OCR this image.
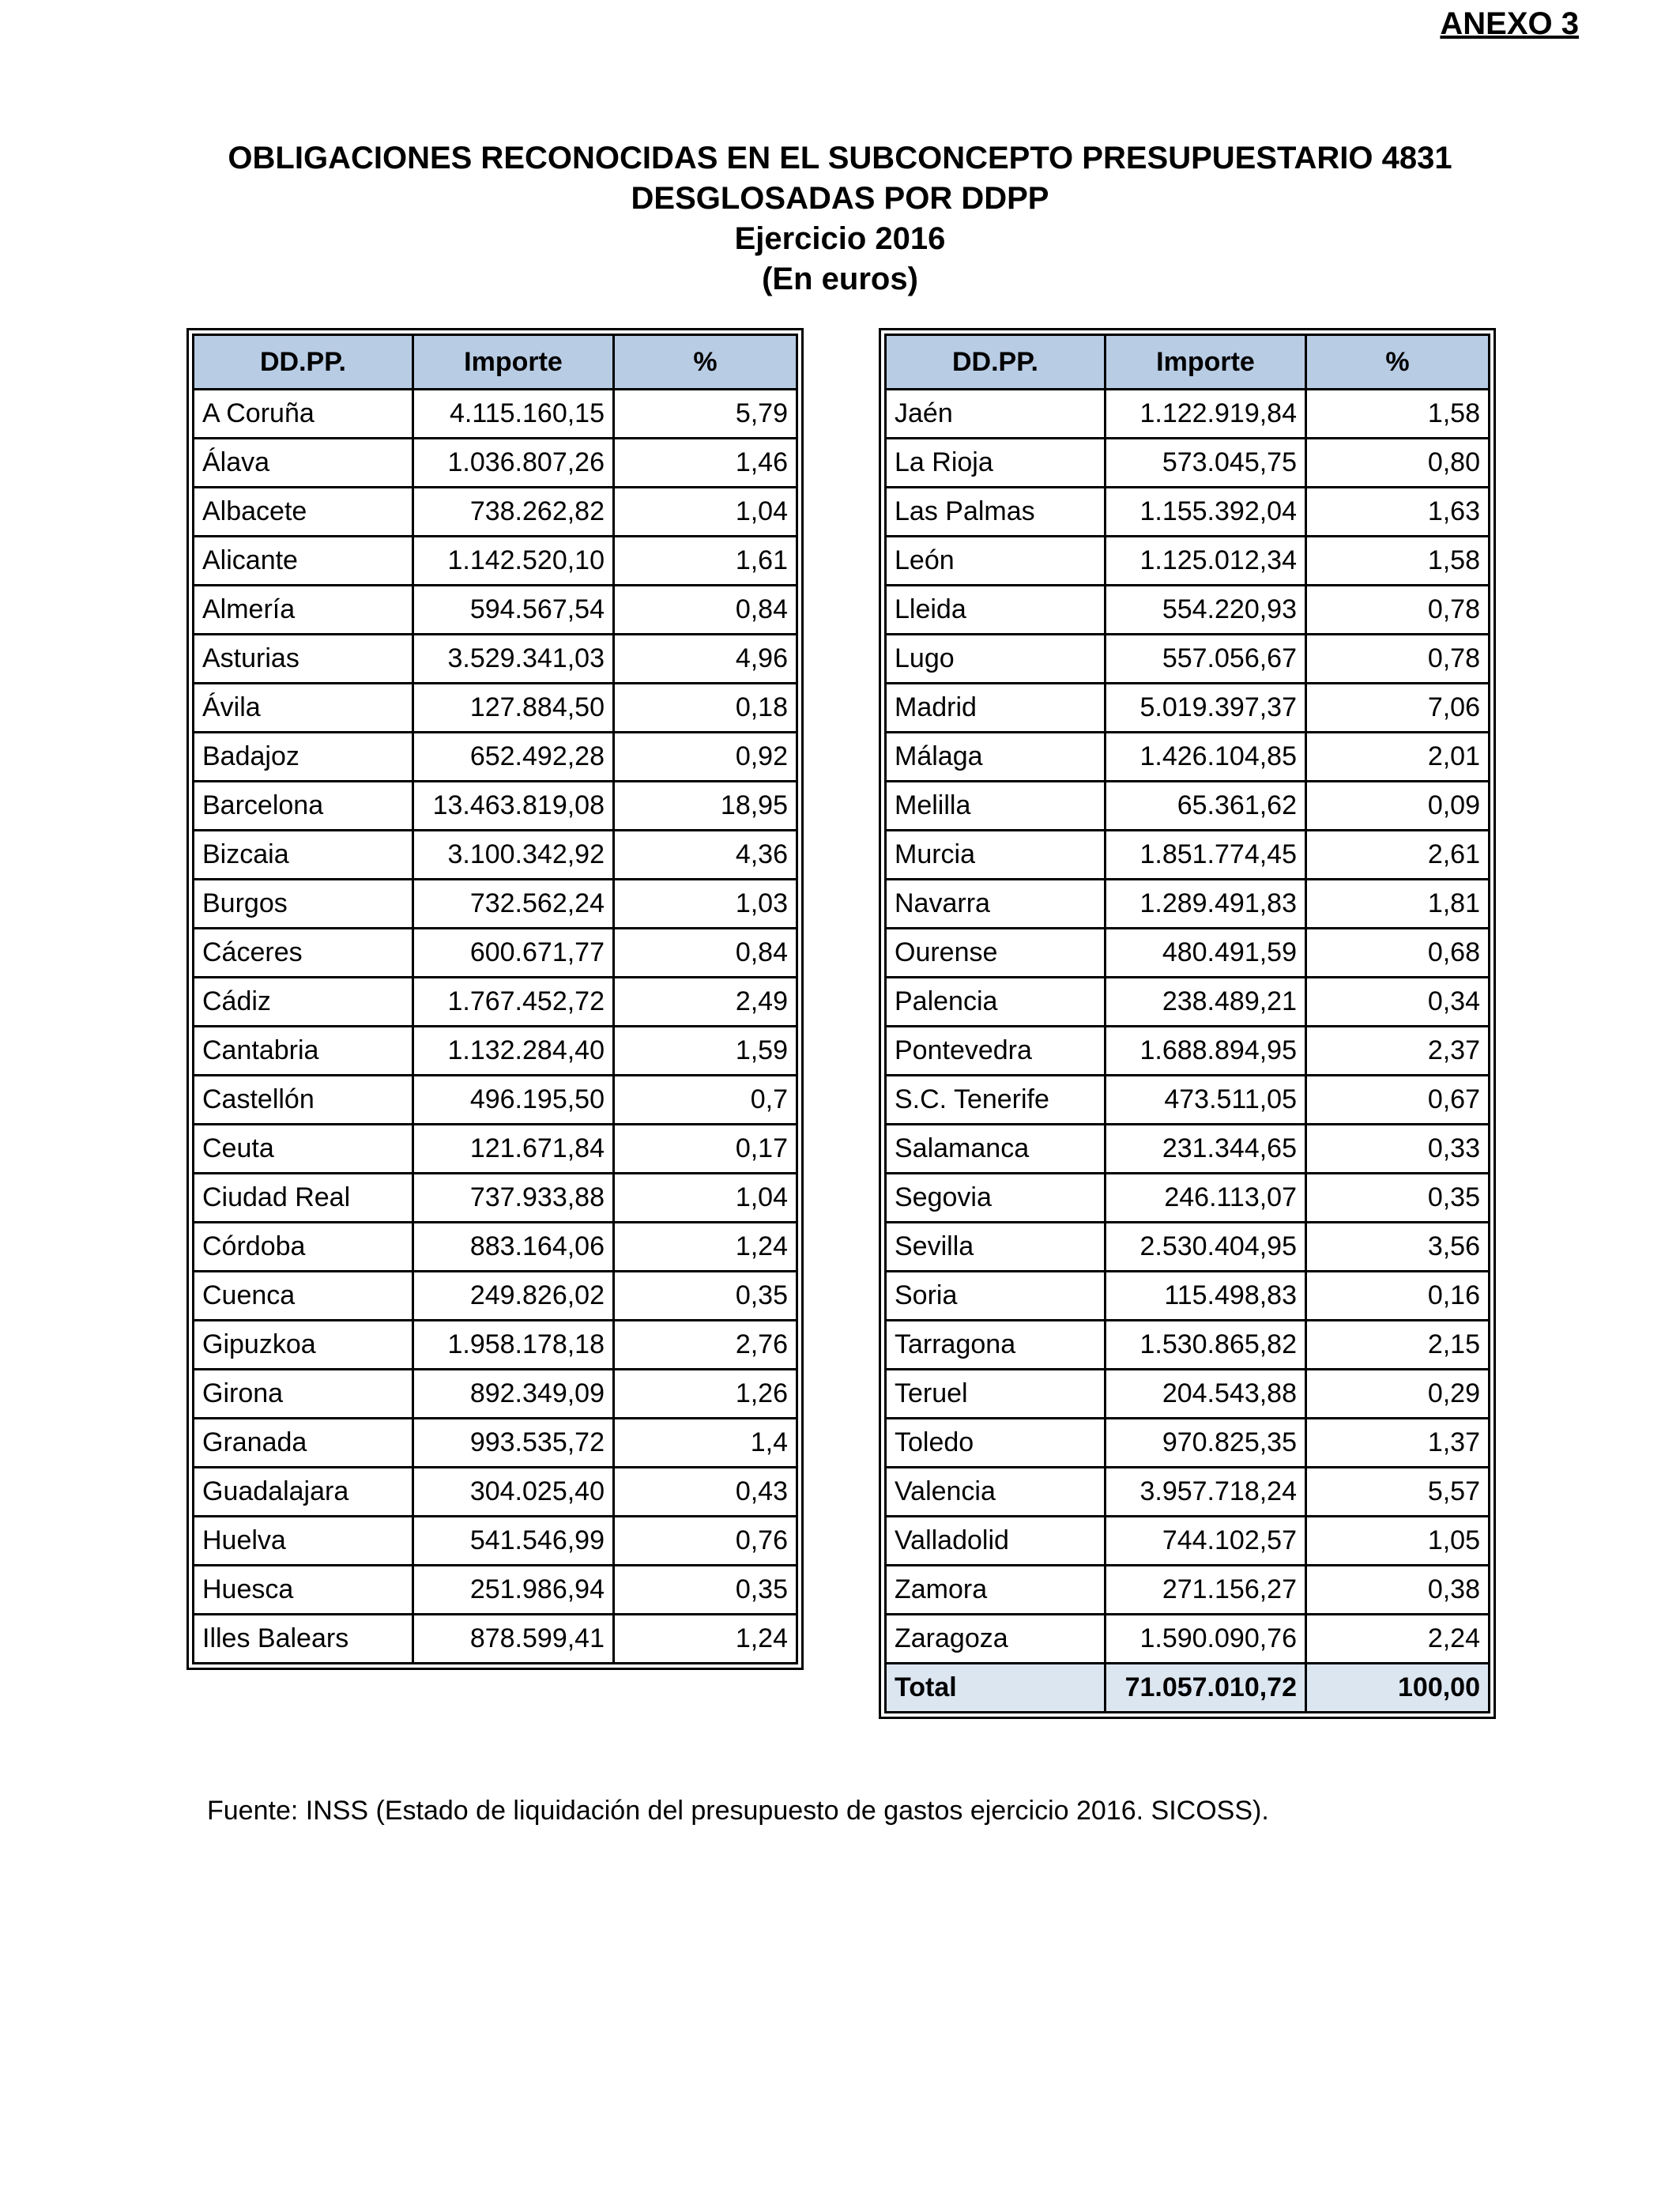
ANEXO 3
OBLIGACIONES RECONOCIDAS EN EL SUBCONCEPTO PRESUPUESTARIO 4831
DESGLOSADAS POR DDPP
Ejercicio 2016
(En euros)
DD.PP.	Importe	%
A Coruña	4.115.160,15	5,79
Álava	1.036.807,26	1,46
Albacete	738.262,82	1,04
Alicante	1.142.520,10	1,61
Almería	594.567,54	0,84
Asturias	3.529.341,03	4,96
Ávila	127.884,50	0,18
Badajoz	652.492,28	0,92
Barcelona	13.463.819,08	18,95
Bizcaia	3.100.342,92	4,36
Burgos	732.562,24	1,03
Cáceres	600.671,77	0,84
Cádiz	1.767.452,72	2,49
Cantabria	1.132.284,40	1,59
Castellón	496.195,50	0,7
Ceuta	121.671,84	0,17
Ciudad Real	737.933,88	1,04
Córdoba	883.164,06	1,24
Cuenca	249.826,02	0,35
Gipuzkoa	1.958.178,18	2,76
Girona	892.349,09	1,26
Granada	993.535,72	1,4
Guadalajara	304.025,40	0,43
Huelva	541.546,99	0,76
Huesca	251.986,94	0,35
Illes Balears	878.599,41	1,24
DD.PP.	Importe	%
Jaén	1.122.919,84	1,58
La Rioja	573.045,75	0,80
Las Palmas	1.155.392,04	1,63
León	1.125.012,34	1,58
Lleida	554.220,93	0,78
Lugo	557.056,67	0,78
Madrid	5.019.397,37	7,06
Málaga	1.426.104,85	2,01
Melilla	65.361,62	0,09
Murcia	1.851.774,45	2,61
Navarra	1.289.491,83	1,81
Ourense	480.491,59	0,68
Palencia	238.489,21	0,34
Pontevedra	1.688.894,95	2,37
S.C. Tenerife	473.511,05	0,67
Salamanca	231.344,65	0,33
Segovia	246.113,07	0,35
Sevilla	2.530.404,95	3,56
Soria	115.498,83	0,16
Tarragona	1.530.865,82	2,15
Teruel	204.543,88	0,29
Toledo	970.825,35	1,37
Valencia	3.957.718,24	5,57
Valladolid	744.102,57	1,05
Zamora	271.156,27	0,38
Zaragoza	1.590.090,76	2,24
Total	71.057.010,72	100,00
Fuente: INSS (Estado de liquidación del presupuesto de gastos ejercicio 2016. SICOSS).
